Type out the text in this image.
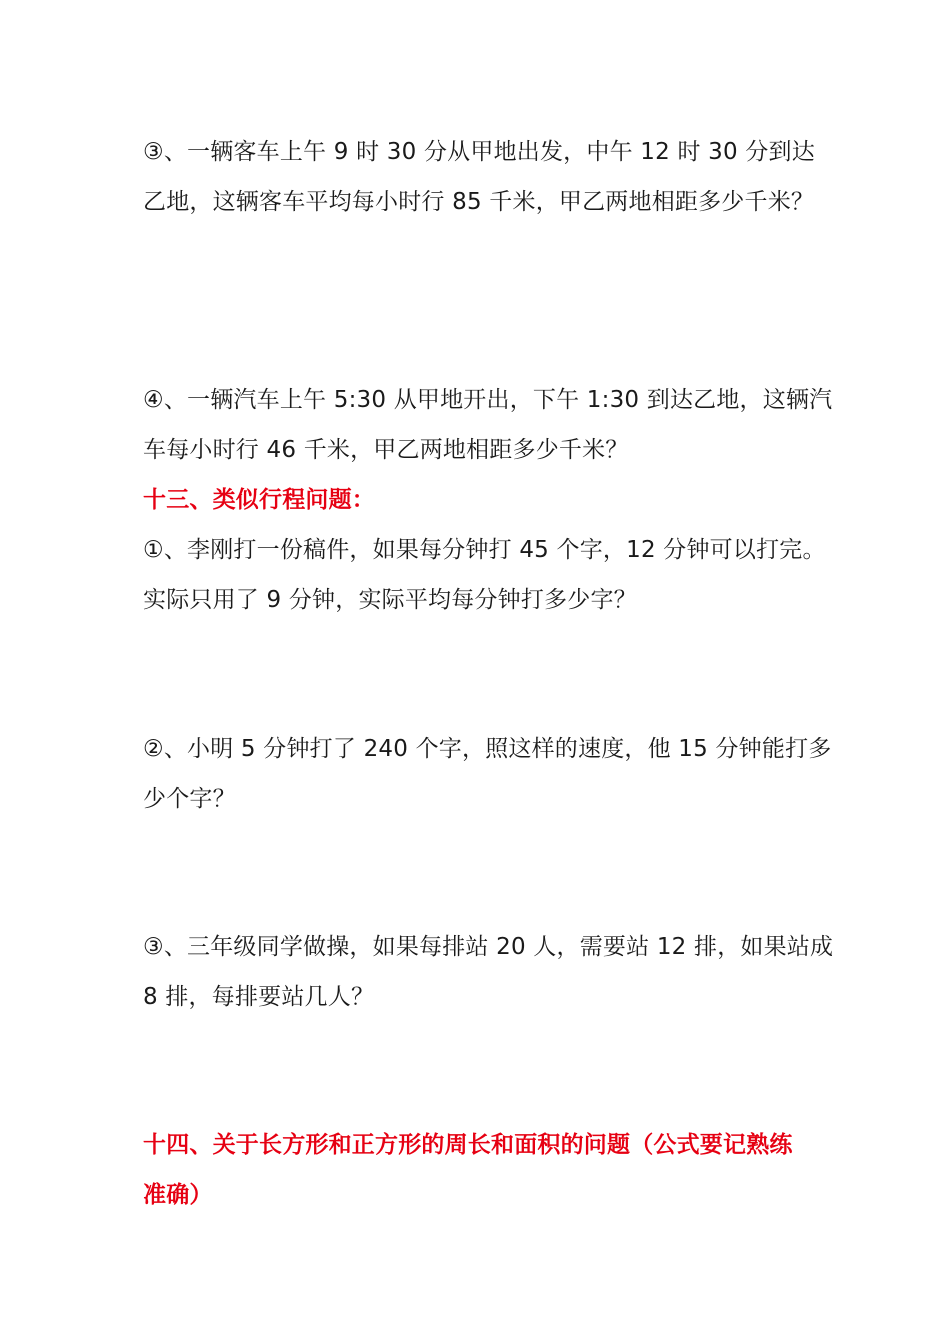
③、一辆客车上午 9 时 30 分从甲地出发，中午 12 时 30 分到达
乙地，这辆客车平均每小时行 85 千米，甲乙两地相距多少千米？
④、一辆汽车上午 5:30 从甲地开出，下午 1:30 到达乙地，这辆汽
车每小时行 46 千米，甲乙两地相距多少千米？
十三、类似行程问题：
①、李刚打一份稿件，如果每分钟打 45 个字，12 分钟可以打完。
实际只用了 9 分钟，实际平均每分钟打多少字？
②、小明 5 分钟打了 240 个字，照这样的速度，他 15 分钟能打多
少个字？
③、三年级同学做操，如果每排站 20 人，需要站 12 排，如果站成
8 排，每排要站几人？
十四、关于长方形和正方形的周长和面积的问题（公式要记熟练
准确）
